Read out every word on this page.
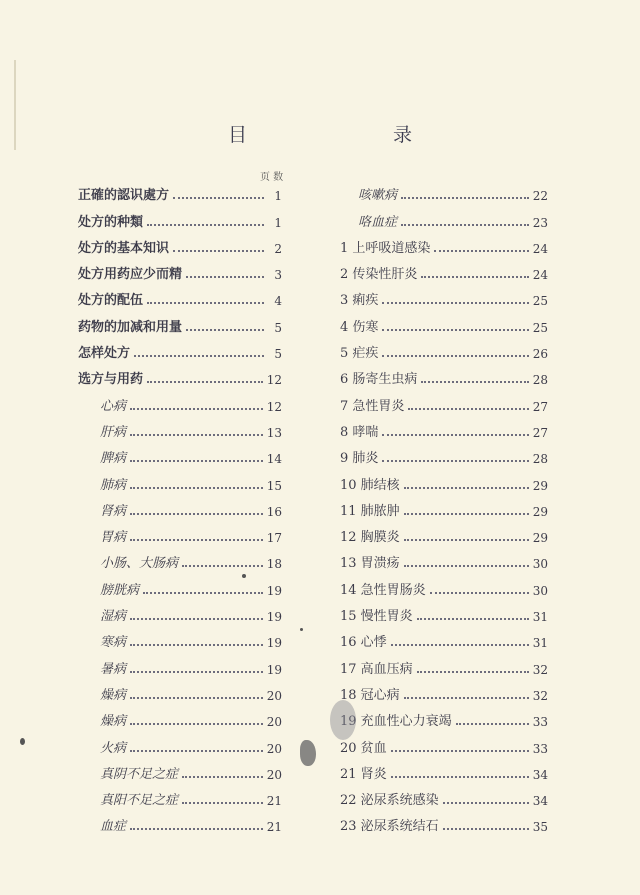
目 录
页 数
正確的認识處方	1
处方的种類	1
处方的基本知识	2
处方用药应少而精	3
处方的配伍	4
药物的加减和用量	5
怎样处方	5
选方与用药	12
心病	12
肝病	13
脾病	14
肺病	15
肾病	16
胃病	17
小肠、大肠病	18
膀胱病	19
湿病	19
寒病	19
暑病	19
燥病	20
燥病	20
火病	20
真阴不足之症	20
真阳不足之症	21
血症	21
咳嗽病	22
咯血症	23
1 上呼吸道感染	24
2 传染性肝炎	24
3 痢疾	25
4 伤寒	25
5 疟疾	26
6 肠寄生虫病	28
7 急性胃炎	27
8 哮喘	27
9 肺炎	28
10 肺结核	29
11 肺脓肿	29
12 胸膜炎	29
13 胃溃疡	30
14 急性胃肠炎	30
15 慢性胃炎	31
16 心悸	31
17 高血压病	32
18 冠心病	32
19 充血性心力衰竭	33
20 贫血	33
21 肾炎	34
22 泌尿系统感染	34
23 泌尿系统结石	35
